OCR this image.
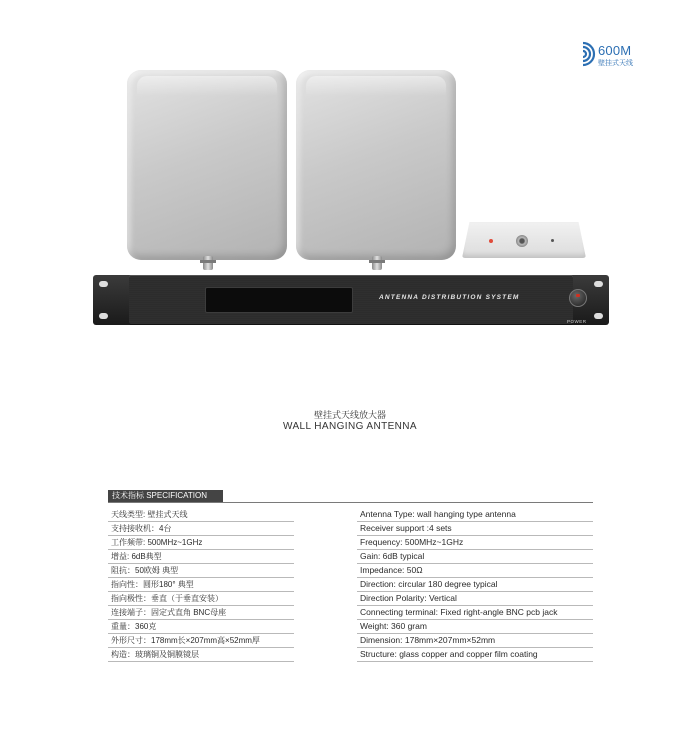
600M
壁挂式天线
ANTENNA DISTRIBUTION SYSTEM
POWER
壁挂式天线放大器
WALL HANGING ANTENNA
技术指标 SPECIFICATION
天线类型: 壁挂式天线
支持接收机：4台
工作频带: 500MHz~1GHz
增益: 6dB典型
阻抗：50欧姆 典型
指向性：圆形180° 典型
指向极性：垂直（于垂直安装）
连接端子：固定式直角 BNC母座
重量：360克
外形尺寸：178mm长×207mm高×52mm厚
构造：玻璃铜及铜膜镜层
Antenna Type: wall hanging type antenna
Receiver support :4 sets
Frequency: 500MHz~1GHz
Gain: 6dB typical
Impedance: 50Ω
Direction: circular 180 degree typical
Direction Polarity: Vertical
Connecting terminal: Fixed right-angle BNC pcb jack
Weight: 360 gram
Dimension: 178mm×207mm×52mm
Structure: glass copper and copper film coating
